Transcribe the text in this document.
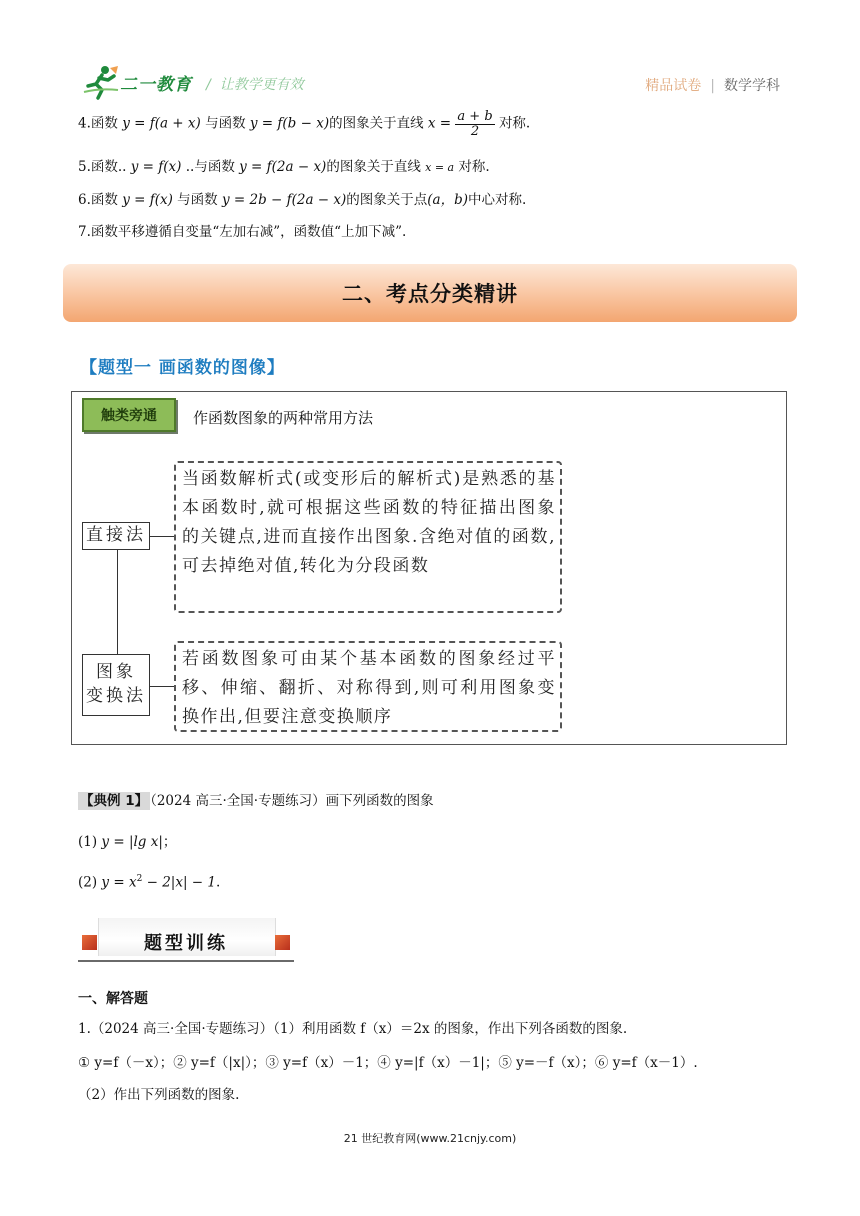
二一教育 /  让教学更有效	精品试卷 | 数学学科
4.函数 y = f(a + x) 与函数 y = f(b − x)的图象关于直线 $x = \frac{a + b}{2}$ 对称.
5.函数.. y = f(x) ..与函数 y = f(2a − x)的图象关于直线 x = a 对称.
6.函数 y = f(x) 与函数 y = 2b − f(2a − x)的图象关于点(a，b)中心对称.
7.函数平移遵循自变量“左加右减”，函数值“上加下减”.
二、考点分类精讲
【题型一 画函数的图像】
触类旁通	作函数图象的两种常用方法
直接法
图象
变换法
当函数解析式(或变形后的解析式)是熟悉的基本函数时,就可根据这些函数的特征描出图象的关键点,进而直接作出图象.含绝对值的函数,可去掉绝对值,转化为分段函数
若函数图象可由某个基本函数的图象经过平移、伸缩、翻折、对称得到,则可利用图象变换作出,但要注意变换顺序
【典例 1】 （2024 高三·全国·专题练习）画下列函数的图象
(1) y = |lg x|；
(2) $y = x^2 - 2|x| - 1$.
题型训练
一、解答题
1.（2024 高三·全国·专题练习）（1）利用函数 f（x）＝2x 的图象，作出下列各函数的图象.
① y=f（－x）；② y=f（|x|）；③ y=f（x）－1；④ y=|f（x）－1|；⑤ y=－f（x）；⑥ y=f（x－1）.
（2）作出下列函数的图象.
21 世纪教育网(www.21cnjy.com)
